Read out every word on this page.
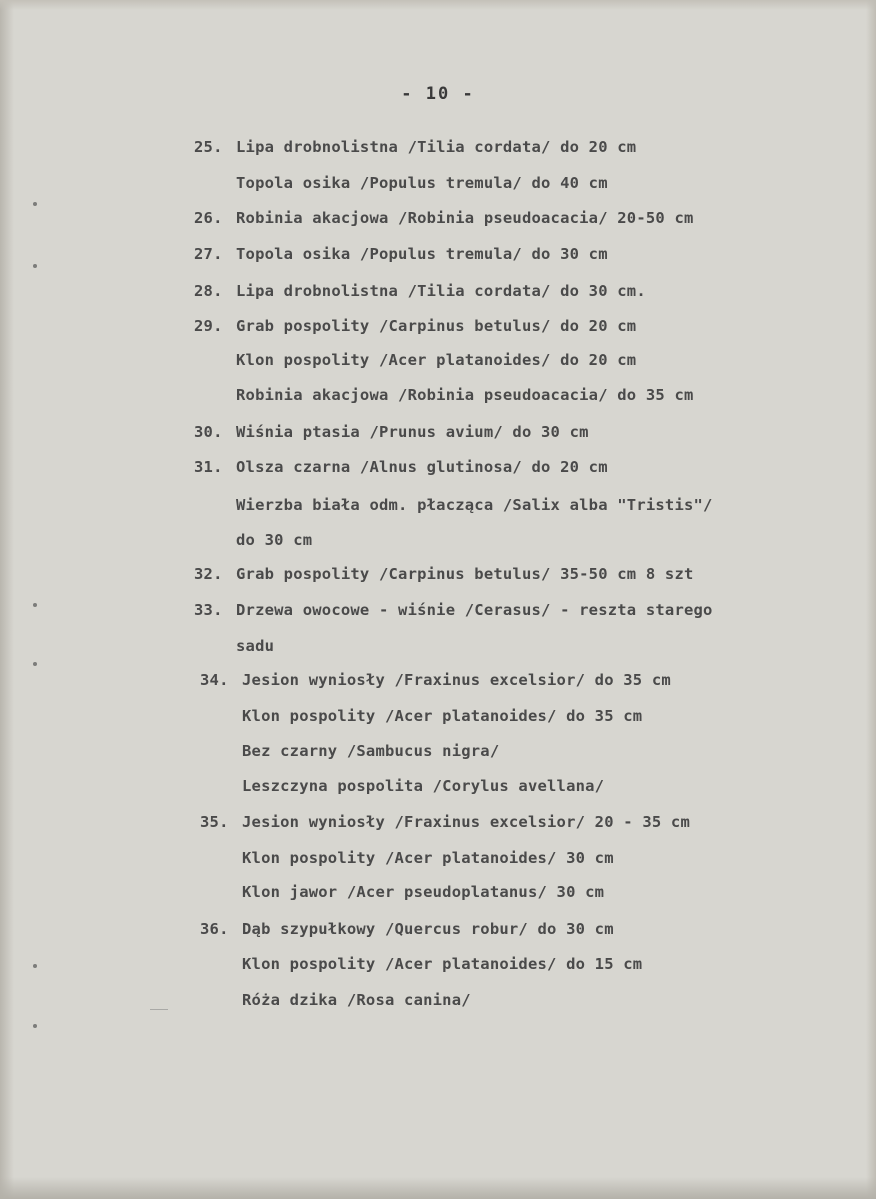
- 10 -
25. Lipa drobnolistna /Tilia cordata/ do 20 cm
Topola osika /Populus tremula/ do 40 cm
26. Robinia akacjowa /Robinia pseudoacacia/ 20-50 cm
27. Topola osika /Populus tremula/ do 30 cm
28. Lipa drobnolistna /Tilia cordata/ do 30 cm.
29. Grab pospolity /Carpinus betulus/ do 20 cm
Klon pospolity /Acer platanoides/ do 20 cm
Robinia akacjowa /Robinia pseudoacacia/ do 35 cm
30. Wiśnia ptasia /Prunus avium/ do 30 cm
31. Olsza czarna /Alnus glutinosa/ do 20 cm
Wierzba biała odm. płacząca /Salix alba "Tristis"/
do 30 cm
32. Grab pospolity /Carpinus betulus/ 35-50 cm 8 szt
33. Drzewa owocowe - wiśnie /Cerasus/ - reszta starego
sadu
34. Jesion wyniosły /Fraxinus excelsior/ do 35 cm
Klon pospolity /Acer platanoides/ do 35 cm
Bez czarny /Sambucus nigra/
Leszczyna pospolita /Corylus avellana/
35. Jesion wyniosły /Fraxinus excelsior/ 20 - 35 cm
Klon pospolity /Acer platanoides/ 30 cm
Klon jawor /Acer pseudoplatanus/ 30 cm
36. Dąb szypułkowy /Quercus robur/ do 30 cm
Klon pospolity /Acer platanoides/ do 15 cm
Róża dzika /Rosa canina/
